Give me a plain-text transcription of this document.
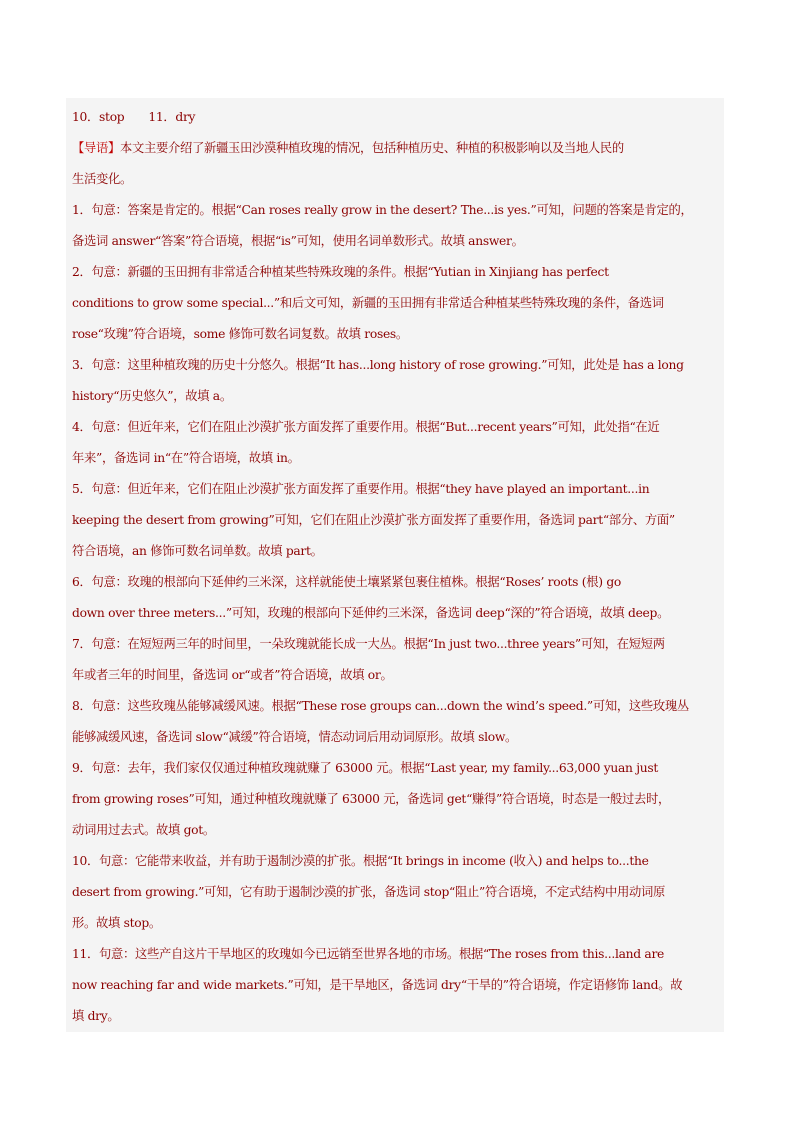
10．stop　　11．dry
【导语】本文主要介绍了新疆玉田沙漠种植玫瑰的情况，包括种植历史、种植的积极影响以及当地人民的
生活变化。
1．句意：答案是肯定的。根据“Can roses really grow in the desert? The...is yes.”可知，问题的答案是肯定的，
备选词 answer“答案”符合语境，根据“is”可知，使用名词单数形式。故填 answer。
2．句意：新疆的玉田拥有非常适合种植某些特殊玫瑰的条件。根据“Yutian in Xinjiang has perfect
conditions to grow some special...”和后文可知，新疆的玉田拥有非常适合种植某些特殊玫瑰的条件，备选词
rose“玫瑰”符合语境，some 修饰可数名词复数。故填 roses。
3．句意：这里种植玫瑰的历史十分悠久。根据“It has...long history of rose growing.”可知，此处是 has a long
history“历史悠久”，故填 a。
4．句意：但近年来，它们在阻止沙漠扩张方面发挥了重要作用。根据“But...recent years”可知，此处指“在近
年来”，备选词 in“在”符合语境，故填 in。
5．句意：但近年来，它们在阻止沙漠扩张方面发挥了重要作用。根据“they have played an important...in
keeping the desert from growing”可知，它们在阻止沙漠扩张方面发挥了重要作用，备选词 part“部分、方面”
符合语境，an 修饰可数名词单数。故填 part。
6．句意：玫瑰的根部向下延伸约三米深，这样就能使土壤紧紧包裹住植株。根据“Roses’ roots (根) go
down over three meters...”可知，玫瑰的根部向下延伸约三米深，备选词 deep“深的”符合语境，故填 deep。
7．句意：在短短两三年的时间里，一朵玫瑰就能长成一大丛。根据“In just two...three years”可知，在短短两
年或者三年的时间里，备选词 or“或者”符合语境，故填 or。
8．句意：这些玫瑰丛能够减缓风速。根据“These rose groups can...down the wind’s speed.”可知，这些玫瑰丛
能够减缓风速，备选词 slow“减缓”符合语境，情态动词后用动词原形。故填 slow。
9．句意：去年，我们家仅仅通过种植玫瑰就赚了 63000 元。根据“Last year, my family...63,000 yuan just
from growing roses”可知，通过种植玫瑰就赚了 63000 元，备选词 get“赚得”符合语境，时态是一般过去时，
动词用过去式。故填 got。
10．句意：它能带来收益，并有助于遏制沙漠的扩张。根据“It brings in income (收入) and helps to...the
desert from growing.”可知，它有助于遏制沙漠的扩张，备选词 stop“阻止”符合语境，不定式结构中用动词原
形。故填 stop。
11．句意：这些产自这片干旱地区的玫瑰如今已远销至世界各地的市场。根据“The roses from this...land are
now reaching far and wide markets.”可知，是干旱地区，备选词 dry“干旱的”符合语境，作定语修饰 land。故
填 dry。
